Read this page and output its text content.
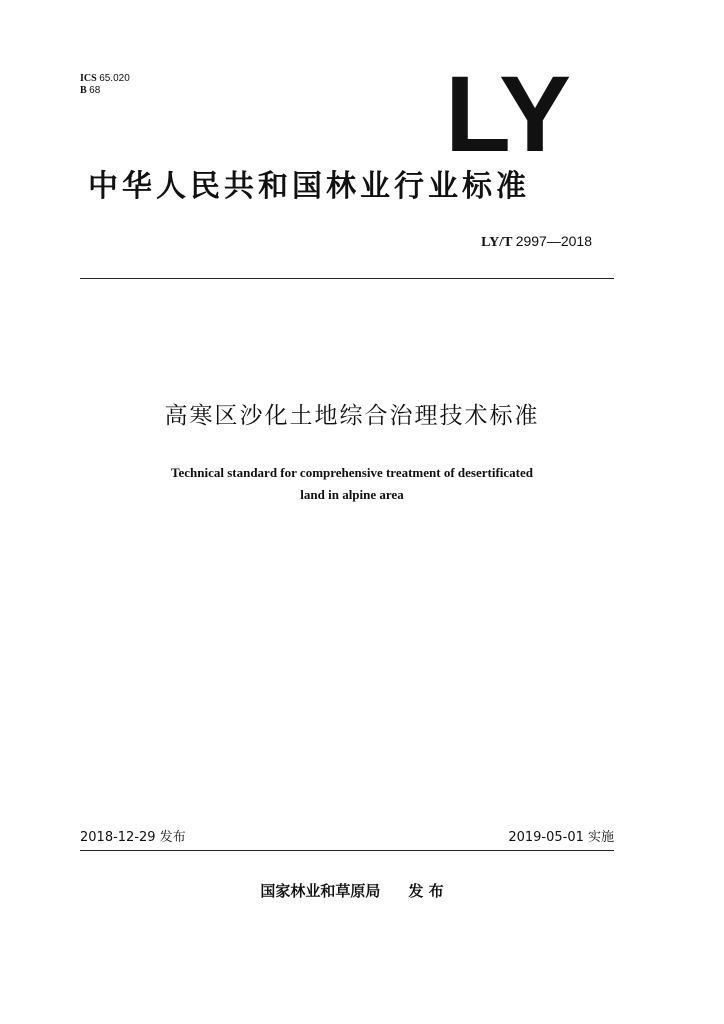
ICS 65.020
B 68	LY
中华人民共和国林业行业标准
LY/T 2997—2018
高寒区沙化土地综合治理技术标准
Technical standard for comprehensive treatment of desertificated
land in alpine area
2018-12-29 发布	2019-05-01 实施
国家林业和草原局 发 布
